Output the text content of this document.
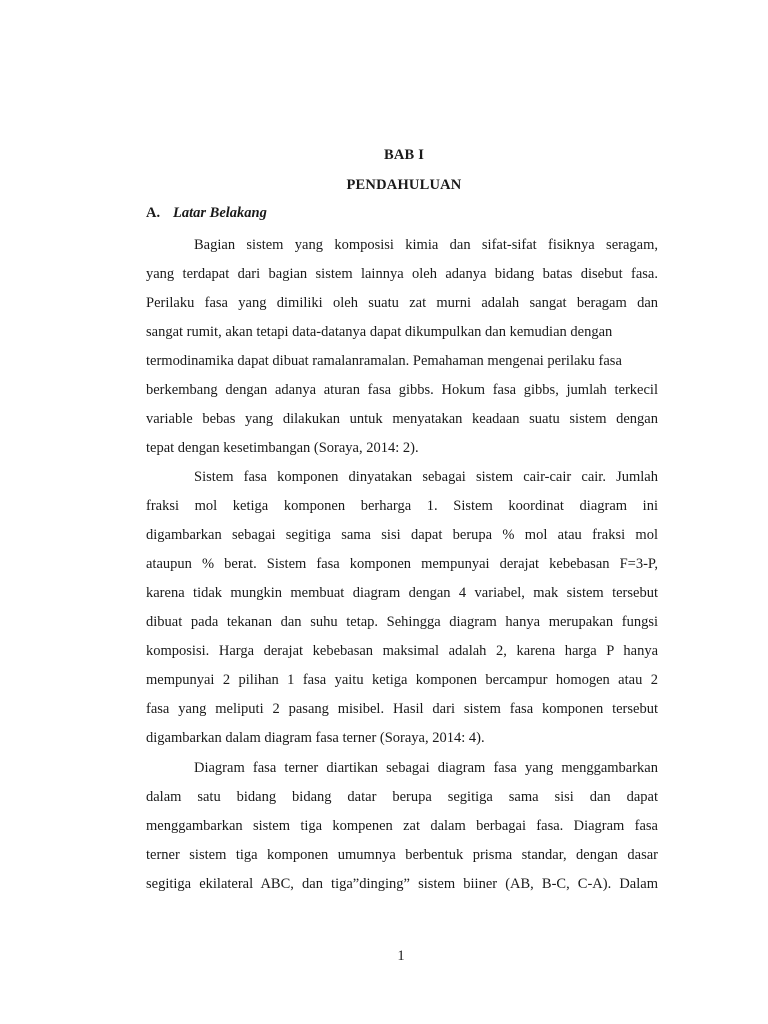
BAB I
PENDAHULUAN
A. Latar Belakang
Bagian sistem yang komposisi kimia dan sifat-sifat fisiknya seragam,
yang terdapat dari bagian sistem lainnya oleh adanya bidang batas disebut fasa.
Perilaku fasa yang dimiliki oleh suatu zat murni adalah sangat beragam dan
sangat rumit, akan tetapi data-datanya dapat dikumpulkan dan kemudian dengan
termodinamika dapat dibuat ramalanramalan. Pemahaman mengenai perilaku fasa
berkembang dengan adanya aturan fasa gibbs. Hokum fasa gibbs, jumlah terkecil
variable bebas yang dilakukan untuk menyatakan keadaan suatu sistem dengan
tepat dengan kesetimbangan (Soraya, 2014: 2).
Sistem fasa komponen dinyatakan sebagai sistem cair-cair cair. Jumlah
fraksi mol ketiga komponen berharga 1. Sistem koordinat diagram ini
digambarkan sebagai segitiga sama sisi dapat berupa % mol atau fraksi mol
ataupun % berat. Sistem fasa komponen mempunyai derajat kebebasan F=3-P,
karena tidak mungkin membuat diagram dengan 4 variabel, mak sistem tersebut
dibuat pada tekanan dan suhu tetap. Sehingga diagram hanya merupakan fungsi
komposisi. Harga derajat kebebasan maksimal adalah 2, karena harga P hanya
mempunyai 2 pilihan 1 fasa yaitu ketiga komponen bercampur homogen atau 2
fasa yang meliputi 2 pasang misibel. Hasil dari sistem fasa komponen tersebut
digambarkan dalam diagram fasa terner (Soraya, 2014: 4).
Diagram fasa terner diartikan sebagai diagram fasa yang menggambarkan
dalam satu bidang bidang datar berupa segitiga sama sisi dan dapat
menggambarkan sistem tiga kompenen zat dalam berbagai fasa. Diagram fasa
terner sistem tiga komponen umumnya berbentuk prisma standar, dengan dasar
segitiga ekilateral ABC, dan tiga”dinging” sistem biiner (AB, B-C, C-A). Dalam
1
